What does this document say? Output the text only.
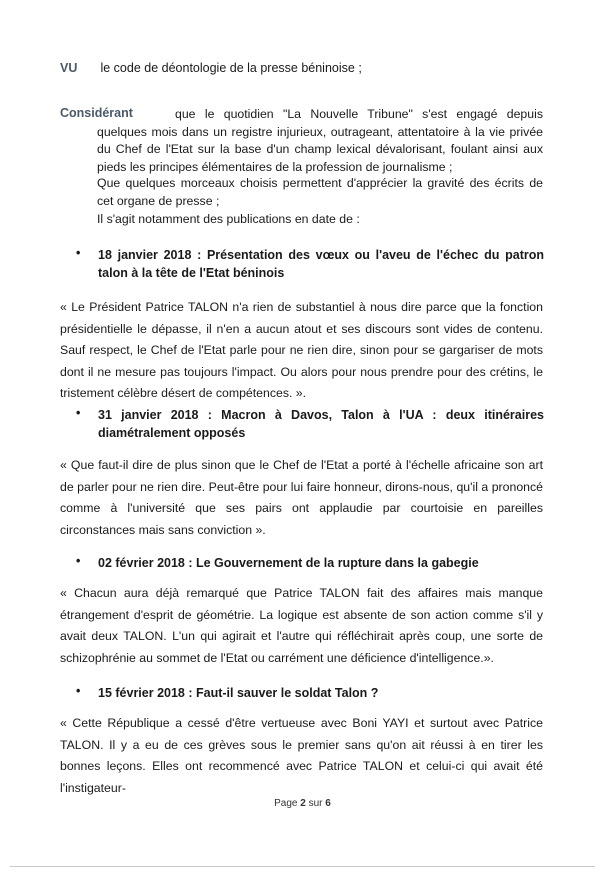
VU le code de déontologie de la presse béninoise ;
Considérant	que le quotidien "La Nouvelle Tribune" s'est engagé depuis quelques mois dans un registre injurieux, outrageant, attentatoire à la vie privée du Chef de l'Etat sur la base d'un champ lexical dévalorisant, foulant ainsi aux pieds les principes élémentaires de la profession de journalisme ;
Que quelques morceaux choisis permettent d'apprécier la gravité des écrits de cet organe de presse ;
Il s'agit notamment des publications en date de :
• 18 janvier 2018 : Présentation des vœux ou l'aveu de l'échec du patron talon à la tête de l'Etat béninois
« Le Président Patrice TALON n'a rien de substantiel à nous dire parce que la fonction présidentielle le dépasse, il n'en a aucun atout et ses discours sont vides de contenu. Sauf respect, le Chef de l'Etat parle pour ne rien dire, sinon pour se gargariser de mots dont il ne mesure pas toujours l'impact. Ou alors pour nous prendre pour des crétins, le tristement célèbre désert de compétences. ».
• 31 janvier 2018 : Macron à Davos, Talon à l'UA : deux itinéraires diamétralement opposés
« Que faut-il dire de plus sinon que le Chef de l'Etat a porté à l'échelle africaine son art de parler pour ne rien dire. Peut-être pour lui faire honneur, dirons-nous, qu'il a prononcé comme à l'université que ses pairs ont applaudie par courtoisie en pareilles circonstances mais sans conviction ».
• 02 février 2018 : Le Gouvernement de la rupture dans la gabegie
« Chacun aura déjà remarqué que Patrice TALON fait des affaires mais manque étrangement d'esprit de géométrie. La logique est absente de son action comme s'il y avait deux TALON. L'un qui agirait et l'autre qui réfléchirait après coup, une sorte de schizophrénie au sommet de l'Etat ou carrément une déficience d'intelligence.».
• 15 février 2018 : Faut-il sauver le soldat Talon ?
« Cette République a cessé d'être vertueuse avec Boni YAYI et surtout avec Patrice TALON. Il y a eu de ces grèves sous le premier sans qu'on ait réussi à en tirer les bonnes leçons. Elles ont recommencé avec Patrice TALON et celui-ci qui avait été l'instigateur-
Page 2 sur 6
